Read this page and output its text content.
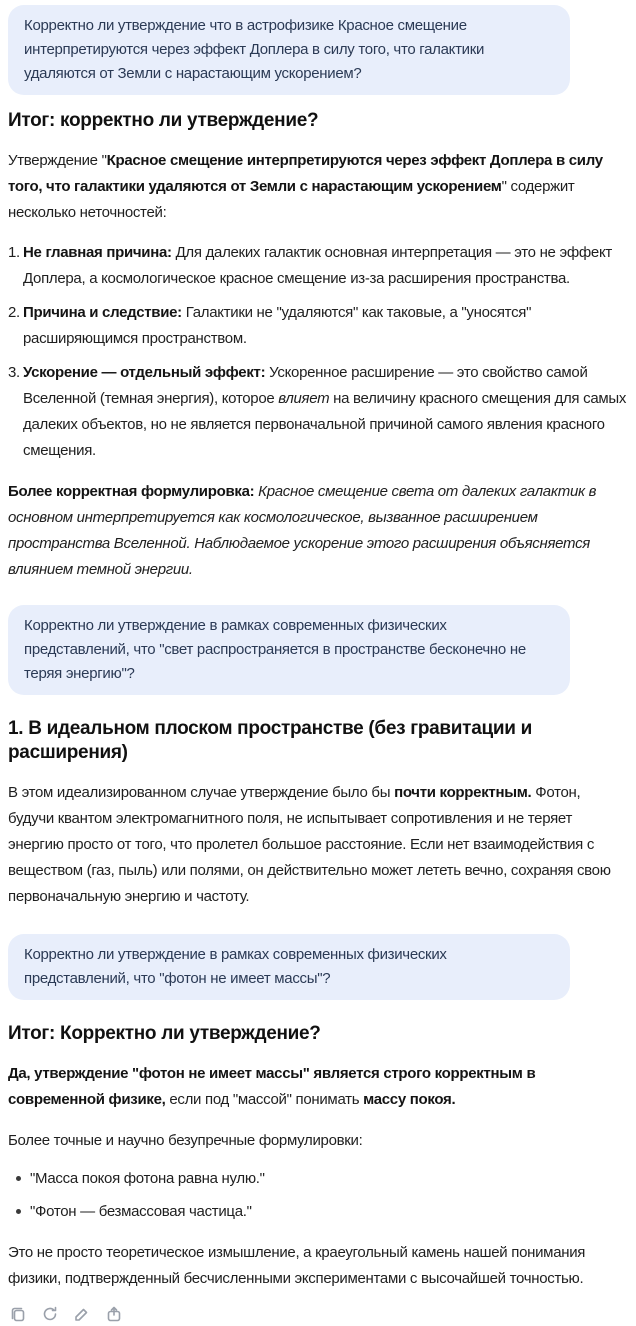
Корректно ли утверждение что в астрофизике Красное смещение интерпретируются через эффект Доплера в силу того, что галактики удаляются от Земли с нарастающим ускорением?
Итог: корректно ли утверждение?

Утверждение "Красное смещение интерпретируются через эффект Доплера в силу того, что галактики удаляются от Земли с нарастающим ускорением" содержит несколько неточностей:

1. Не главная причина: Для далеких галактик основная интерпретация — это не эффект Доплера, а космологическое красное смещение из-за расширения пространства.
2. Причина и следствие: Галактики не "удаляются" как таковые, а "уносятся" расширяющимся пространством.
3. Ускорение — отдельный эффект: Ускоренное расширение — это свойство самой Вселенной (темная энергия), которое влияет на величину красного смещения для самых далеких объектов, но не является первоначальной причиной самого явления красного смещения.

Более корректная формулировка: Красное смещение света от далеких галактик в основном интерпретируется как космологическое, вызванное расширением пространства Вселенной. Наблюдаемое ускорение этого расширения объясняется влиянием темной энергии.

Корректно ли утверждение в рамках современных физических представлений, что "свет распространяется в пространстве бесконечно не теряя энергию"?
1. В идеальном плоском пространстве (без гравитации и расширения)

В этом идеализированном случае утверждение было бы почти корректным. Фотон, будучи квантом электромагнитного поля, не испытывает сопротивления и не теряет энергию просто от того, что пролетел большое расстояние. Если нет взаимодействия с веществом (газ, пыль) или полями, он действительно может лететь вечно, сохраняя свою первоначальную энергию и частоту.

Корректно ли утверждение в рамках современных физических представлений, что "фотон не имеет массы"?
Итог: Корректно ли утверждение?

Да, утверждение "фотон не имеет массы" является строго корректным в современной физике, если под "массой" понимать массу покоя.

Более точные и научно безупречные формулировки:

"Масса покоя фотона равна нулю."
"Фотон — безмассовая частица."

Это не просто теоретическое измышление, а краеугольный камень нашей понимания физики, подтвержденный бесчисленными экспериментами с высочайшей точностью.
